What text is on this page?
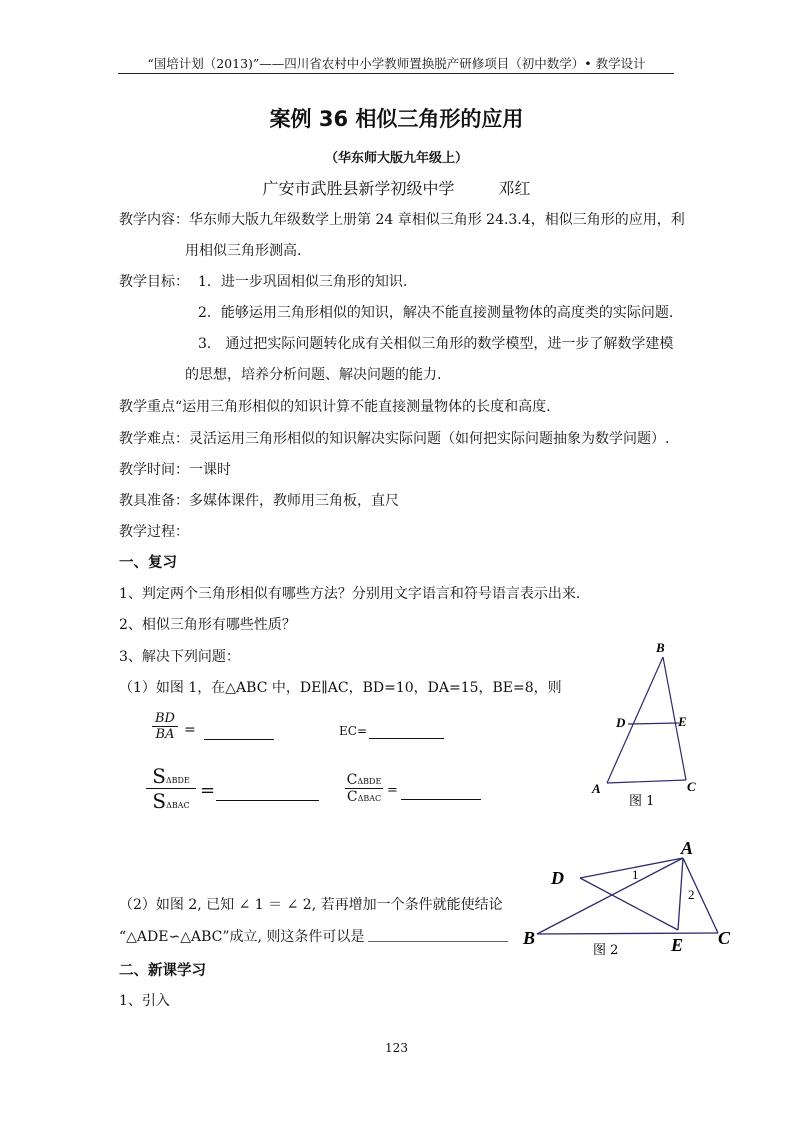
“国培计划（2013)”——四川省农村中小学教师置换脱产研修项目（初中数学）• 教学设计
案例 36 相似三角形的应用
（华东师大版九年级上）
广安市武胜县新学初级中学	邓红
教学内容：华东师大版九年级数学上册第 24 章相似三角形 24.3.4，相似三角形的应用，利
用相似三角形测高.
教学目标： 1．进一步巩固相似三角形的知识.
2．能够运用三角形相似的知识，解决不能直接测量物体的高度类的实际问题.
3． 通过把实际问题转化成有关相似三角形的数学模型，进一步了解数学建模
的思想，培养分析问题、解决问题的能力.
教学重点“运用三角形相似的知识计算不能直接测量物体的长度和高度.
教学难点：灵活运用三角形相似的知识解决实际问题（如何把实际问题抽象为数学问题）.
教学时间：一课时
教具准备：多媒体课件，教师用三角板，直尺
教学过程：
一、复习
1、判定两个三角形相似有哪些方法？分别用文字语言和符号语言表示出来.
2、相似三角形有哪些性质？
3、解决下列问题：
（1）如图 1，在△ABC 中，DE∥AC，BD=10，DA=15，BE=8，则
BD
BA =	EC=
SΔBDE
SΔBAC
=	CΔBDE
CΔBAC
=
（2）如图 2, 已知 ∠ 1 ＝ ∠ 2, 若再增加一个条件就能使结论
“△ADE∽△ABC”成立, 则这条件可以是
二、新课学习
1、引入
B
D	E
A	C
图 1
A
D
B	E C
1
2
图 2
123
